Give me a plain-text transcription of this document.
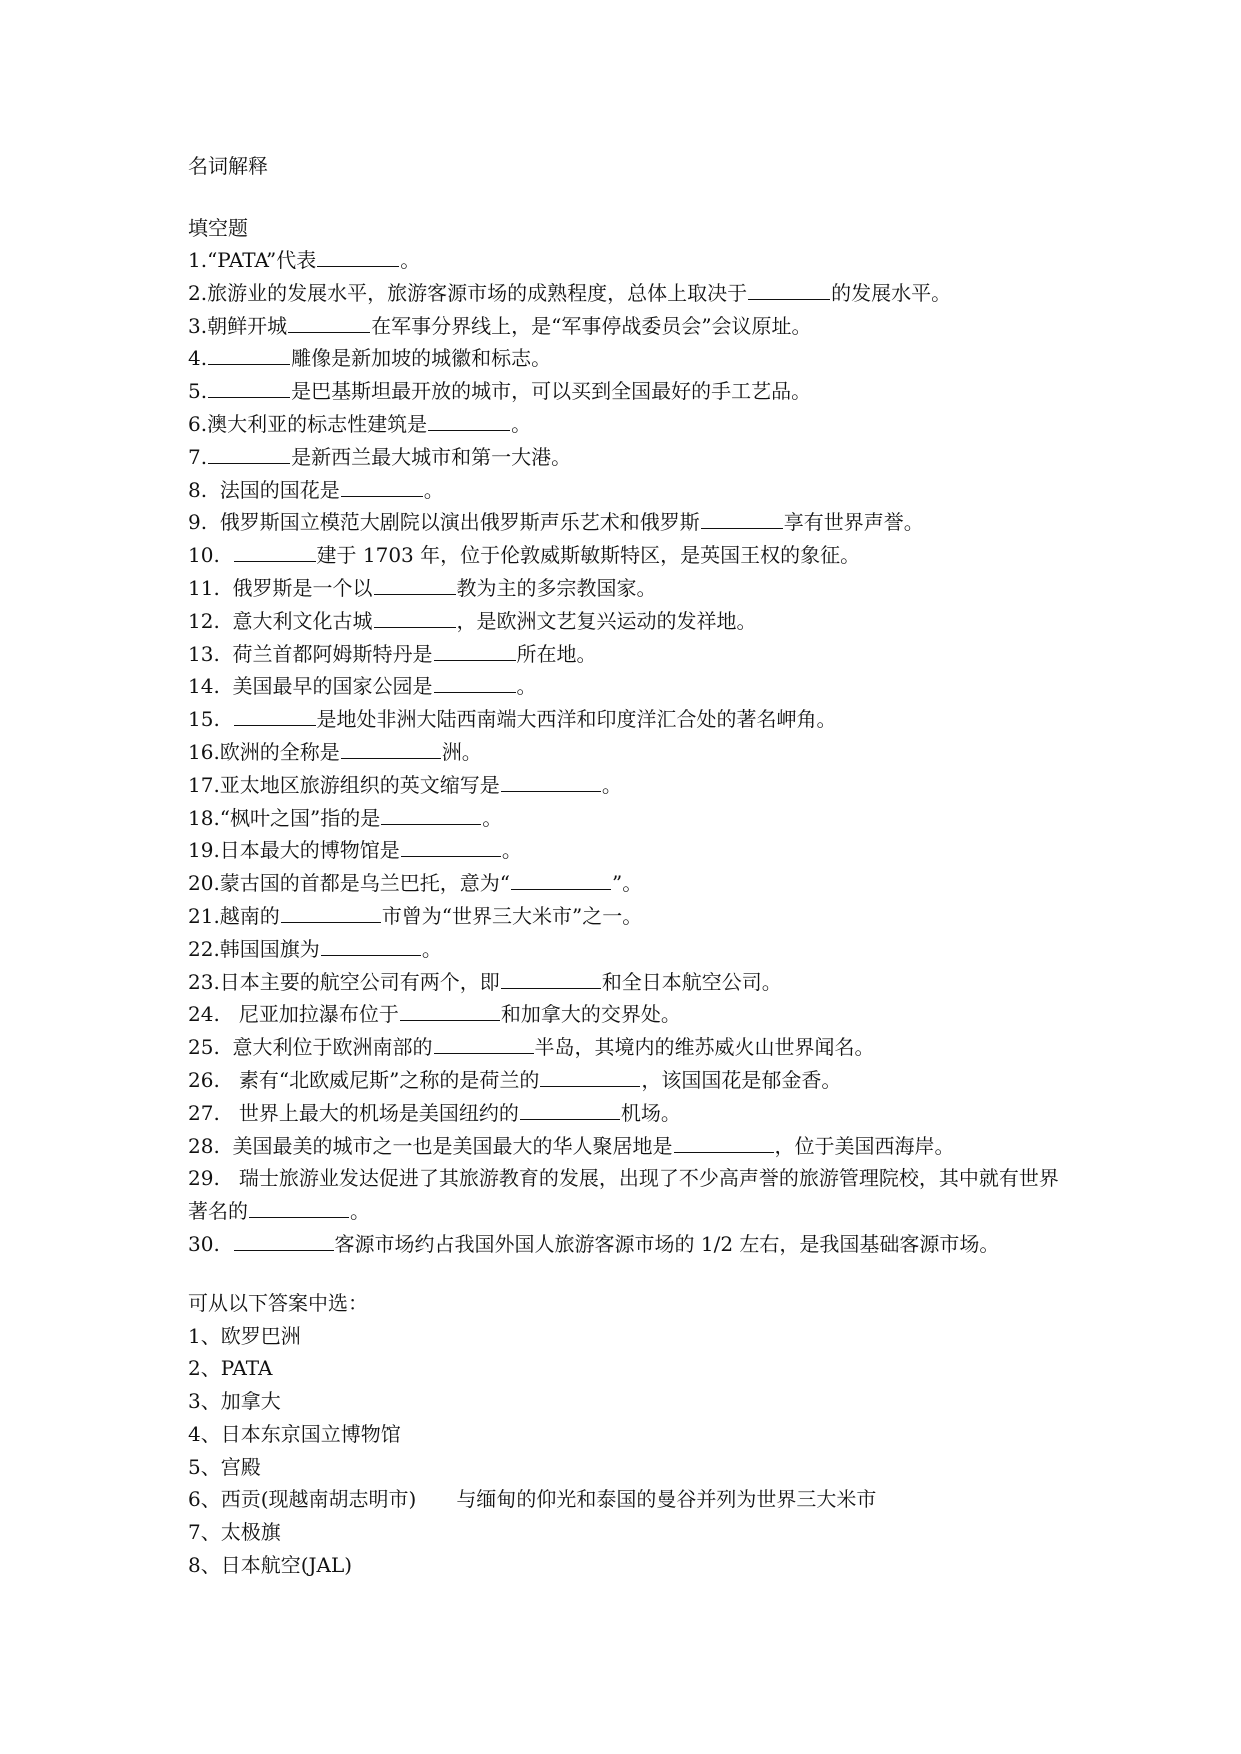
名词解释

填空题

1.“PATA”代表	。

2.旅游业的发展水平，旅游客源市场的成熟程度，总体上取决于	的发展水平。

3.朝鲜开城	在军事分界线上，是“军事停战委员会”会议原址。

4.	雕像是新加坡的城徽和标志。

5.	是巴基斯坦最开放的城市，可以买到全国最好的手工艺品。

6.澳大利亚的标志性建筑是	。

7.	是新西兰最大城市和第一大港。

8.  法国的国花是	。

9.  俄罗斯国立模范大剧院以演出俄罗斯声乐艺术和俄罗斯	享有世界声誉。

10.	建于 1703 年，位于伦敦威斯敏斯特区，是英国王权的象征。

11.  俄罗斯是一个以	教为主的多宗教国家。

12.  意大利文化古城	，是欧洲文艺复兴运动的发祥地。

13.  荷兰首都阿姆斯特丹是	所在地。

14.  美国最早的国家公园是	。

15.	是地处非洲大陆西南端大西洋和印度洋汇合处的著名岬角。

16.欧洲的全称是	洲。

17.亚太地区旅游组织的英文缩写是	。

18.“枫叶之国”指的是	。

19.日本最大的博物馆是	。

20.蒙古国的首都是乌兰巴托，意为“	”。

21.越南的	市曾为“世界三大米市”之一。

22.韩国国旗为	。

23.日本主要的航空公司有两个，即	和全日本航空公司。

24.   尼亚加拉瀑布位于	和加拿大的交界处。

25.  意大利位于欧洲南部的	半岛，其境内的维苏威火山世界闻名。

26.   素有“北欧威尼斯”之称的是荷兰的	，该国国花是郁金香。

27.   世界上最大的机场是美国纽约的	机场。

28.  美国最美的城市之一也是美国最大的华人聚居地是	，位于美国西海岸。

29.   瑞士旅游业发达促进了其旅游教育的发展，出现了不少高声誉的旅游管理院校，其中就有世界著名的	。

30.	客源市场约占我国外国人旅游客源市场的 1/2 左右，是我国基础客源市场。

可从以下答案中选：
1、欧罗巴洲
2、PATA
3、加拿大
4、日本东京国立博物馆
5、宫殿
6、西贡(现越南胡志明市) 与缅甸的仰光和泰国的曼谷并列为世界三大米市
7、太极旗
8、日本航空(JAL)
